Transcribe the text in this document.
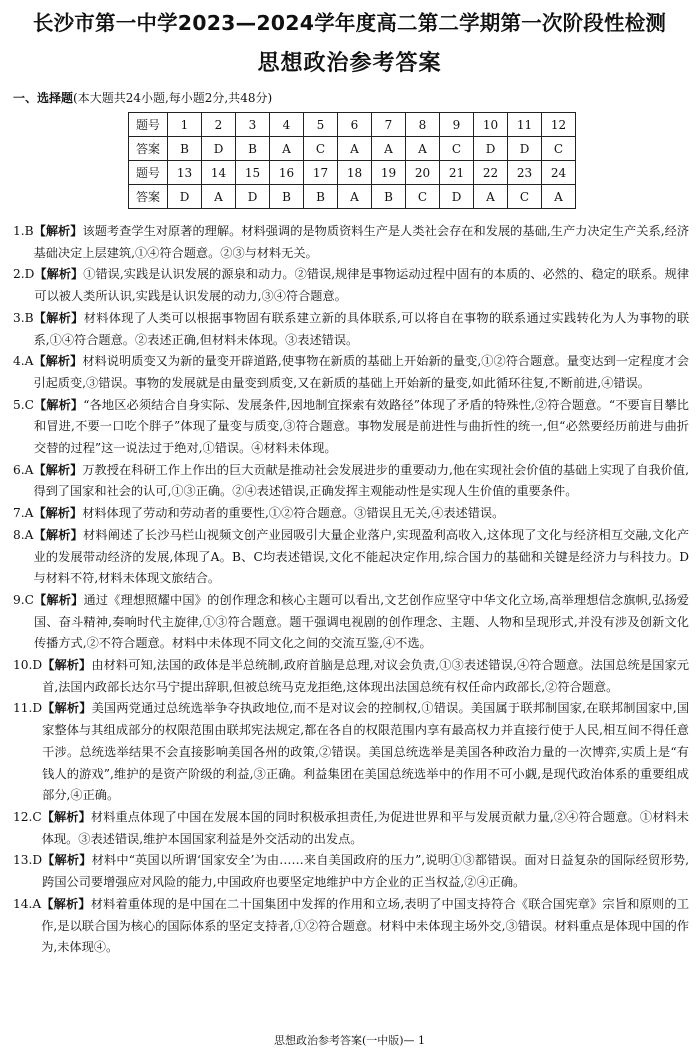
长沙市第一中学2023—2024学年度高二第二学期第一次阶段性检测
思想政治参考答案
一、选择题(本大题共24小题,每小题2分,共48分)
题号	1	2	3	4	5	6	7	8	9	10	11	12
答案	B	D	B	A	C	A	A	A	C	D	D	C
题号	13	14	15	16	17	18	19	20	21	22	23	24
答案	D	A	D	B	B	A	B	C	D	A	C	A
1.B 【解析】该题考查学生对原著的理解。材料强调的是物质资料生产是人类社会存在和发展的基础,生产力决定生产关系,经济基础决定上层建筑,①④符合题意。②③与材料无关。
2.D 【解析】①错误,实践是认识发展的源泉和动力。②错误,规律是事物运动过程中固有的本质的、必然的、稳定的联系。规律可以被人类所认识,实践是认识发展的动力,③④符合题意。
3.B 【解析】材料体现了人类可以根据事物固有联系建立新的具体联系,可以将自在事物的联系通过实践转化为人为事物的联系,①④符合题意。②表述正确,但材料未体现。③表述错误。
4.A 【解析】材料说明质变又为新的量变开辟道路,使事物在新质的基础上开始新的量变,①②符合题意。量变达到一定程度才会引起质变,③错误。事物的发展就是由量变到质变,又在新质的基础上开始新的量变,如此循环往复,不断前进,④错误。
5.C 【解析】“各地区必须结合自身实际、发展条件,因地制宜探索有效路径”体现了矛盾的特殊性,②符合题意。“不要盲目攀比和冒进,不要一口吃个胖子”体现了量变与质变,③符合题意。事物发展是前进性与曲折性的统一,但“必然要经历前进与曲折交替的过程”这一说法过于绝对,①错误。④材料未体现。
6.A 【解析】万教授在科研工作上作出的巨大贡献是推动社会发展进步的重要动力,他在实现社会价值的基础上实现了自我价值,得到了国家和社会的认可,①③正确。②④表述错误,正确发挥主观能动性是实现人生价值的重要条件。
7.A 【解析】材料体现了劳动和劳动者的重要性,①②符合题意。③错误且无关,④表述错误。
8.A 【解析】材料阐述了长沙马栏山视频文创产业园吸引大量企业落户,实现盈利高收入,这体现了文化与经济相互交融,文化产业的发展带动经济的发展,体现了A。B、C均表述错误,文化不能起决定作用,综合国力的基础和关键是经济力与科技力。D与材料不符,材料未体现文旅结合。
9.C 【解析】通过《理想照耀中国》的创作理念和核心主题可以看出,文艺创作应坚守中华文化立场,高举理想信念旗帜,弘扬爱国、奋斗精神,奏响时代主旋律,①③符合题意。题干强调电视剧的创作理念、主题、人物和呈现形式,并没有涉及创新文化传播方式,②不符合题意。材料中未体现不同文化之间的交流互鉴,④不选。
10.D 【解析】由材料可知,法国的政体是半总统制,政府首脑是总理,对议会负责,①③表述错误,④符合题意。法国总统是国家元首,法国内政部长达尔马宁提出辞职,但被总统马克龙拒绝,这体现出法国总统有权任命内政部长,②符合题意。
11.D 【解析】美国两党通过总统选举争夺执政地位,而不是对议会的控制权,①错误。美国属于联邦制国家,在联邦制国家中,国家整体与其组成部分的权限范围由联邦宪法规定,都在各自的权限范围内享有最高权力并直接行使于人民,相互间不得任意干涉。总统选举结果不会直接影响美国各州的政策,②错误。美国总统选举是美国各种政治力量的一次博弈,实质上是“有钱人的游戏”,维护的是资产阶级的利益,③正确。利益集团在美国总统选举中的作用不可小觑,是现代政治体系的重要组成部分,④正确。
12.C 【解析】材料重点体现了中国在发展本国的同时积极承担责任,为促进世界和平与发展贡献力量,②④符合题意。①材料未体现。③表述错误,维护本国国家利益是外交活动的出发点。
13.D 【解析】材料中“英国以所谓‘国家安全’为由……来自美国政府的压力”,说明①③都错误。面对日益复杂的国际经贸形势,跨国公司要增强应对风险的能力,中国政府也要坚定地维护中方企业的正当权益,②④正确。
14.A 【解析】材料着重体现的是中国在二十国集团中发挥的作用和立场,表明了中国支持符合《联合国宪章》宗旨和原则的工作,是以联合国为核心的国际体系的坚定支持者,①②符合题意。材料中未体现主场外交,③错误。材料重点是体现中国的作为,未体现④。
思想政治参考答案(一中版)— 1
